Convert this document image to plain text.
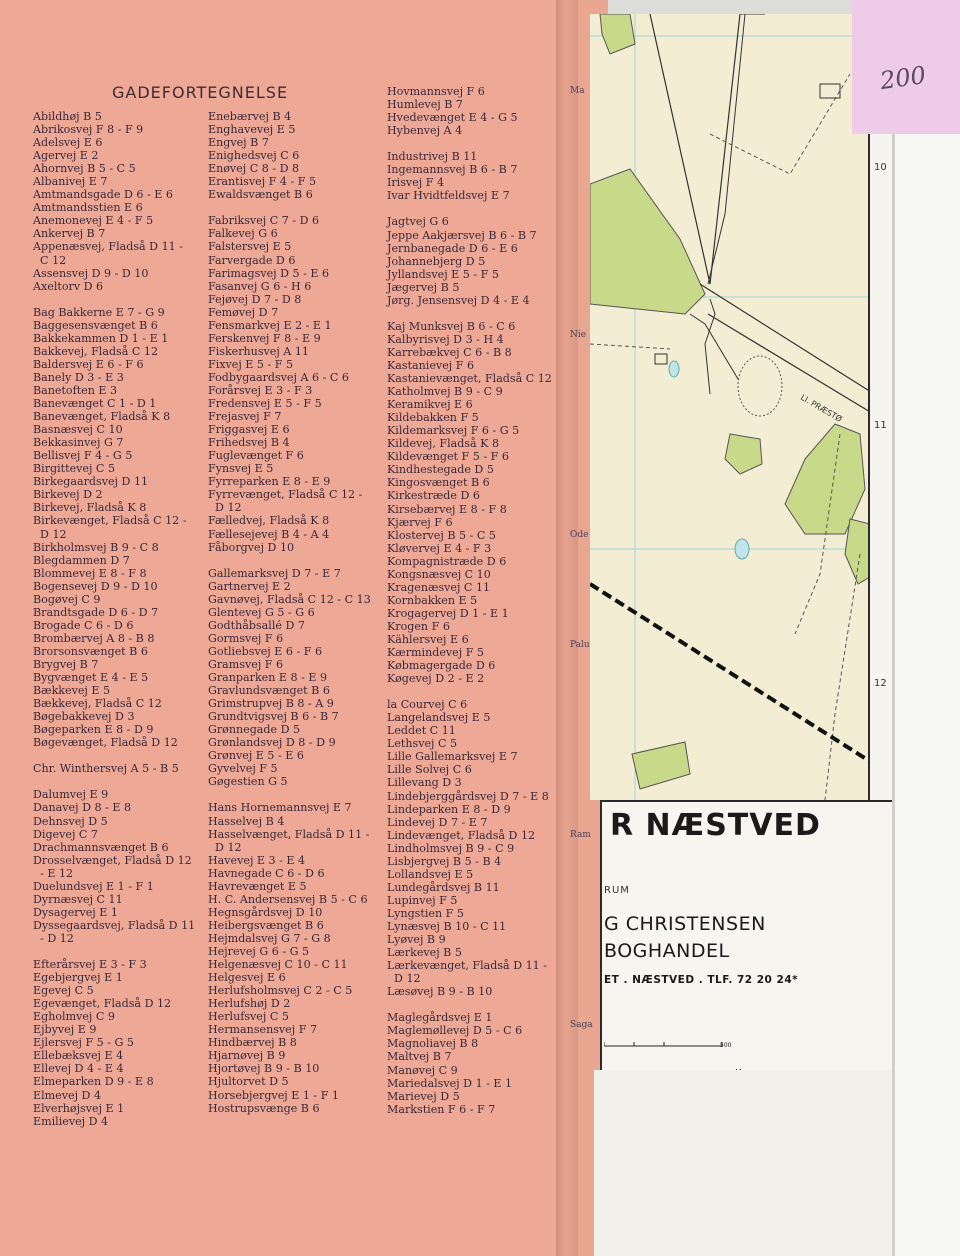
GADEFORTEGNELSE
Abildhøj B 5
Abrikosvej F 8 - F 9
Adelsvej E 6
Agervej E 2
Ahornvej B 5 - C 5
Albanivej E 7
Amtmandsgade D 6 - E 6
Amtmandsstien E 6
Anemonevej E 4 - F 5
Ankervej B 7
Appenæsvej, Fladså D 11 -
C 12
Assensvej D 9 - D 10
Axeltorv D 6
Bag Bakkerne E 7 - G 9
Baggesensvænget B 6
Bakkekammen D 1 - E 1
Bakkevej, Fladså C 12
Baldersvej E 6 - F 6
Banely D 3 - E 3
Banetoften E 3
Banevænget C 1 - D 1
Banevænget, Fladså K 8
Basnæsvej C 10
Bekkasinvej G 7
Bellisvej F 4 - G 5
Birgittevej C 5
Birkegaardsvej D 11
Birkevej D 2
Birkevej, Fladså K 8
Birkevænget, Fladså C 12 -
D 12
Birkholmsvej B 9 - C 8
Blegdammen D 7
Blommevej E 8 - F 8
Bogensevej D 9 - D 10
Bogøvej C 9
Brandtsgade D 6 - D 7
Brogade C 6 - D 6
Brombærvej A 8 - B 8
Brorsonsvænget B 6
Brygvej B 7
Bygvænget E 4 - E 5
Bækkevej E 5
Bækkevej, Fladså C 12
Bøgebakkevej D 3
Bøgeparken E 8 - D 9
Bøgevænget, Fladså D 12
Chr. Winthersvej A 5 - B 5
Dalumvej E 9
Danavej D 8 - E 8
Dehnsvej D 5
Digevej C 7
Drachmannsvænget B 6
Drosselvænget, Fladså D 12
- E 12
Duelundsvej E 1 - F 1
Dyrnæsvej C 11
Dysagervej E 1
Dyssegaardsvej, Fladså D 11
- D 12
Efterårsvej E 3 - F 3
Egebjergvej E 1
Egevej C 5
Egevænget, Fladså D 12
Egholmvej C 9
Ejbyvej E 9
Ejlersvej F 5 - G 5
Ellebæksvej E 4
Ellevej D 4 - E 4
Elmeparken D 9 - E 8
Elmevej D 4
Elverhøjsvej E 1
Emilievej D 4
Enebærvej B 4
Enghavevej E 5
Engvej B 7
Enighedsvej C 6
Enøvej C 8 - D 8
Erantisvej F 4 - F 5
Ewaldsvænget B 6
Fabriksvej C 7 - D 6
Falkevej G 6
Falstersvej E 5
Farvergade D 6
Farimagsvej D 5 - E 6
Fasanvej G 6 - H 6
Fejøvej D 7 - D 8
Femøvej D 7
Fensmarkvej E 2 - E 1
Ferskenvej F 8 - E 9
Fiskerhusvej A 11
Fixvej E 5 - F 5
Fodbygaardsvej A 6 - C 6
Forårsvej E 3 - F 3
Fredensvej E 5 - F 5
Frejasvej F 7
Friggasvej E 6
Frihedsvej B 4
Fuglevænget F 6
Fynsvej E 5
Fyrreparken E 8 - E 9
Fyrrevænget, Fladså C 12 -
D 12
Fælledvej, Fladså K 8
Fællesejevej B 4 - A 4
Fåborgvej D 10
Gallemarksvej D 7 - E 7
Gartnervej E 2
Gavnøvej, Fladså C 12 - C 13
Glentevej G 5 - G 6
Godthåbsallé D 7
Gormsvej F 6
Gotliebsvej E 6 - F 6
Gramsvej F 6
Granparken E 8 - E 9
Gravlundsvænget B 6
Grimstrupvej B 8 - A 9
Grundtvigsvej B 6 - B 7
Grønnegade D 5
Grønlandsvej D 8 - D 9
Grønvej E 5 - E 6
Gyvelvej F 5
Gøgestien G 5
Hans Hornemannsvej E 7
Hasselvej B 4
Hasselvænget, Fladså D 11 -
D 12
Havevej E 3 - E 4
Havnegade C 6 - D 6
Havrevænget E 5
H. C. Andersensvej B 5 - C 6
Hegnsgårdsvej D 10
Heibergsvænget B 6
Hejmdalsvej G 7 - G 8
Hejrevej G 6 - G 5
Helgenæsvej C 10 - C 11
Helgesvej E 6
Herlufsholmsvej C 2 - C 5
Herlufshøj D 2
Herlufsvej C 5
Hermansensvej F 7
Hindbærvej B 8
Hjarnøvej B 9
Hjortøvej B 9 - B 10
Hjultorvet D 5
Horsebjergvej E 1 - F 1
Hostrupsvænge B 6
Hovmannsvej F 6
Humlevej B 7
Hvedevænget E 4 - G 5
Hybenvej A 4
Industrivej B 11
Ingemannsvej B 6 - B 7
Irisvej F 4
Ivar Hvidtfeldsvej E 7
Jagtvej G 6
Jeppe Aakjærsvej B 6 - B 7
Jernbanegade D 6 - E 6
Johannebjerg D 5
Jyllandsvej E 5 - F 5
Jægervej B 5
Jørg. Jensensvej D 4 - E 4
Kaj Munksvej B 6 - C 6
Kalbyrisvej D 3 - H 4
Karrebækvej C 6 - B 8
Kastanievej F 6
Kastanievænget, Fladså C 12
Katholmvej B 9 - C 9
Keramikvej E 6
Kildebakken F 5
Kildemarksvej F 6 - G 5
Kildevej, Fladså K 8
Kildevænget F 5 - F 6
Kindhestegade D 5
Kingosvænget B 6
Kirkestræde D 6
Kirsebærvej E 8 - F 8
Kjærvej F 6
Klostervej B 5 - C 5
Kløvervej E 4 - F 3
Kompagnistræde D 6
Kongsnæsvej C 10
Kragenæsvej C 11
Kornbakken E 5
Krogagervej D 1 - E 1
Krogen F 6
Kählersvej E 6
Kærmindevej F 5
Købmagergade D 6
Køgevej D 2 - E 2
la Courvej C 6
Langelandsvej E 5
Leddet C 11
Lethsvej C 5
Lille Gallemarksvej E 7
Lille Solvej C 6
Lillevang D 3
Lindebjerggårdsvej D 7 - E 8
Lindeparken E 8 - D 9
Lindevej D 7 - E 7
Lindevænget, Fladså D 12
Lindholmsvej B 9 - C 9
Lisbjergvej B 5 - B 4
Lollandsvej E 5
Lundegårdsvej B 11
Lupinvej F 5
Lyngstien F 5
Lynæsvej B 10 - C 11
Lyøvej B 9
Lærkevej B 5
Lærkevænget, Fladså D 11 -
D 12
Læsøvej B 9 - B 10
Maglegårdsvej E 1
Maglemøllevej D 5 - C 6
Magnoliavej B 8
Maltvej B 7
Manøvej C 9
Mariedalsvej D 1 - E 1
Marievej D 5
Markstien F 6 - F 7
Ma
Nie
Ode
Palu
Ram
Saga
Ll. PRÆSTØ
10
11
12
R NÆSTVED
RUM
G CHRISTENSEN
BOGHANDEL
ET . NÆSTVED . TLF. 72 20 24*
500
200
